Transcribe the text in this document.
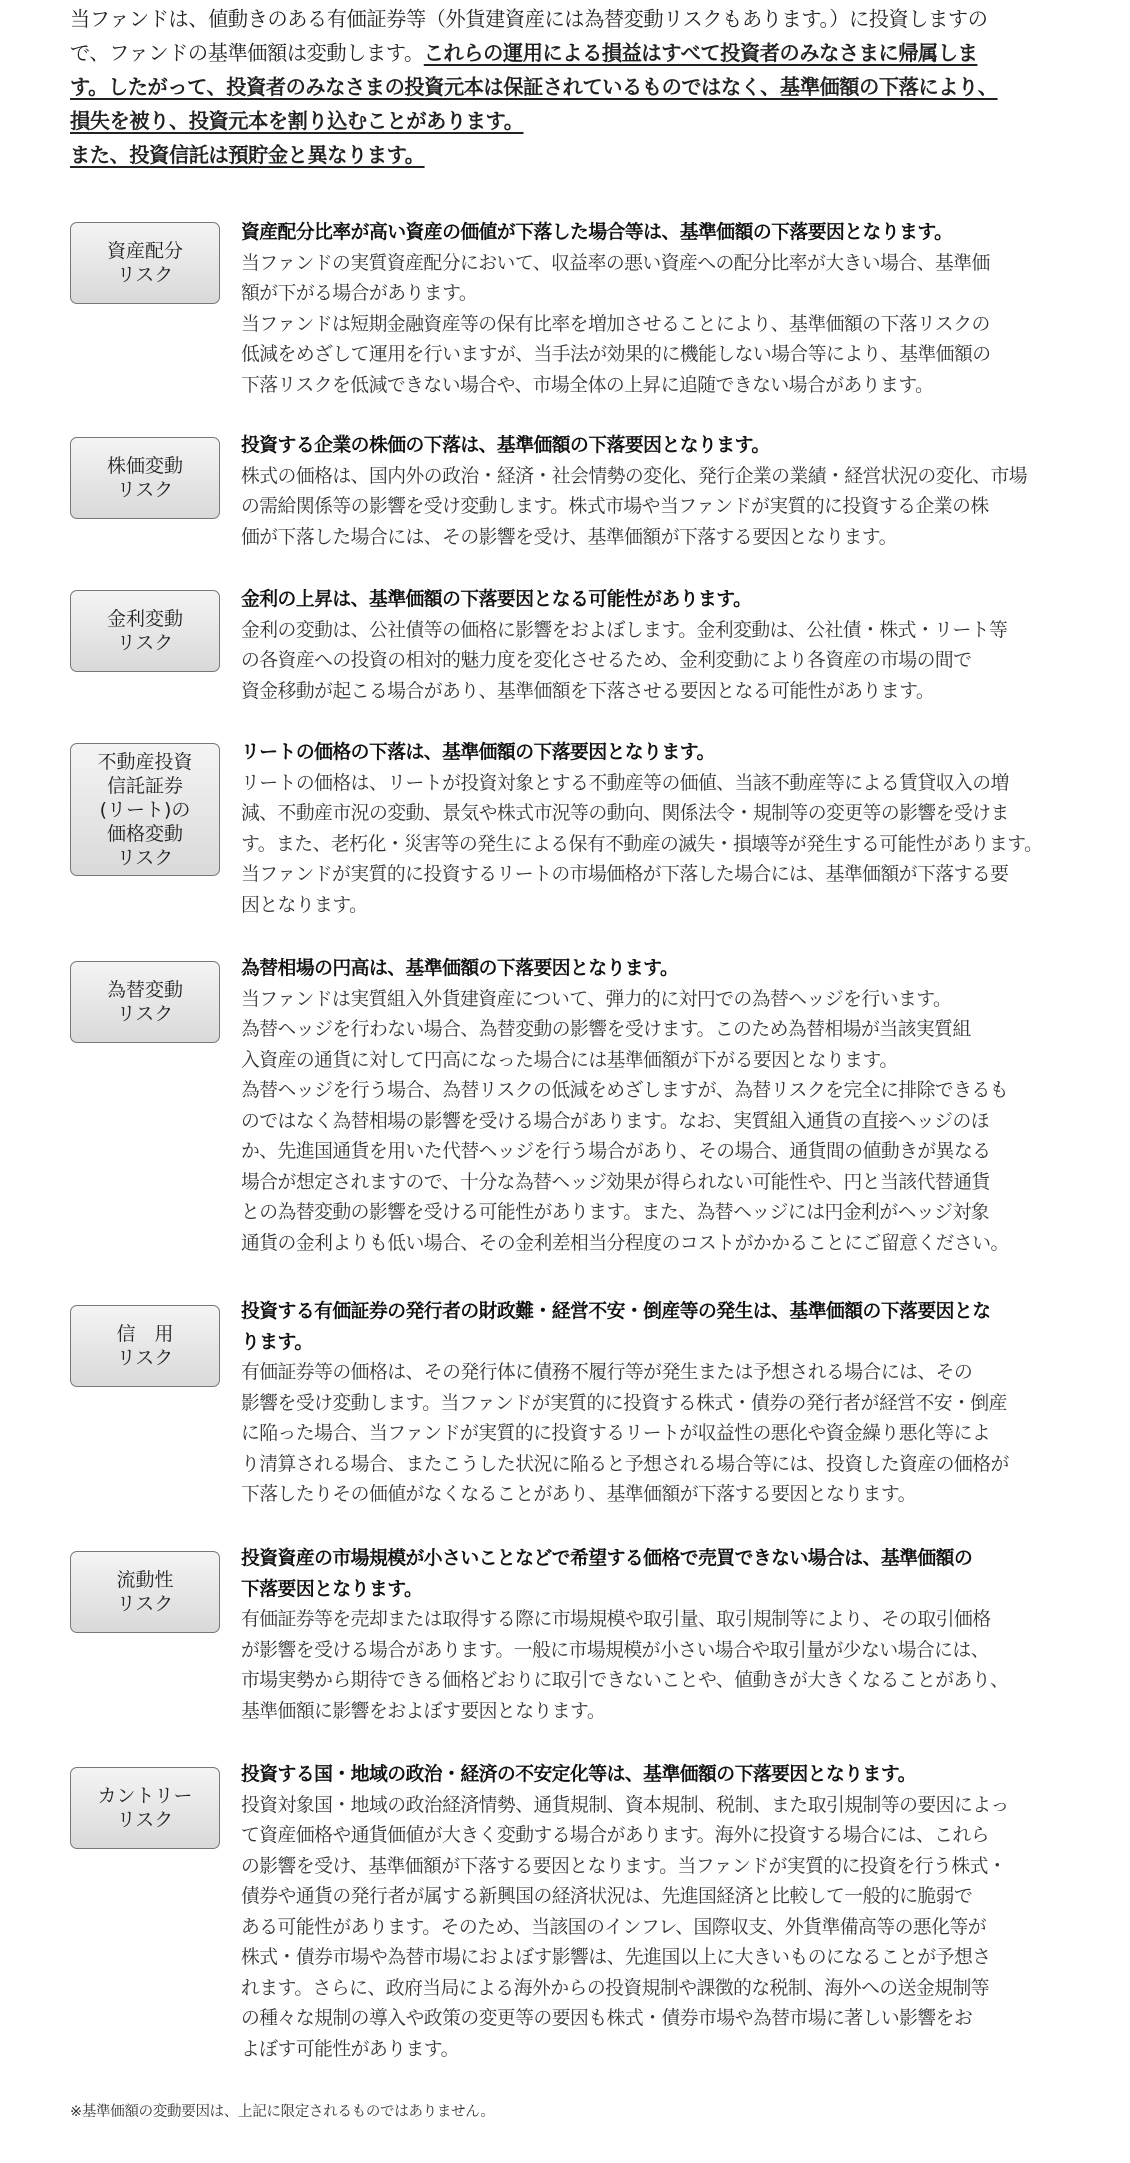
当ファンドは、値動きのある有価証券等（外貨建資産には為替変動リスクもあります。）に投資しますの
で、ファンドの基準価額は変動します。これらの運用による損益はすべて投資者のみなさまに帰属しま
す。したがって、投資者のみなさまの投資元本は保証されているものではなく、基準価額の下落により、
損失を被り、投資元本を割り込むことがあります。
また、投資信託は預貯金と異なります。
資産配分
リスク
資産配分比率が高い資産の価値が下落した場合等は、基準価額の下落要因となります。
当ファンドの実質資産配分において、収益率の悪い資産への配分比率が大きい場合、基準価
額が下がる場合があります。
当ファンドは短期金融資産等の保有比率を増加させることにより、基準価額の下落リスクの
低減をめざして運用を行いますが、当手法が効果的に機能しない場合等により、基準価額の
下落リスクを低減できない場合や、市場全体の上昇に追随できない場合があります。
株価変動
リスク
投資する企業の株価の下落は、基準価額の下落要因となります。
株式の価格は、国内外の政治・経済・社会情勢の変化、発行企業の業績・経営状況の変化、市場
の需給関係等の影響を受け変動します。株式市場や当ファンドが実質的に投資する企業の株
価が下落した場合には、その影響を受け、基準価額が下落する要因となります。
金利変動
リスク
金利の上昇は、基準価額の下落要因となる可能性があります。
金利の変動は、公社債等の価格に影響をおよぼします。金利変動は、公社債・株式・リート等
の各資産への投資の相対的魅力度を変化させるため、金利変動により各資産の市場の間で
資金移動が起こる場合があり、基準価額を下落させる要因となる可能性があります。
不動産投資
信託証券
(リート)の
価格変動
リスク
リートの価格の下落は、基準価額の下落要因となります。
リートの価格は、リートが投資対象とする不動産等の価値、当該不動産等による賃貸収入の増
減、不動産市況の変動、景気や株式市況等の動向、関係法令・規制等の変更等の影響を受けま
す。また、老朽化・災害等の発生による保有不動産の滅失・損壊等が発生する可能性があります。
当ファンドが実質的に投資するリートの市場価格が下落した場合には、基準価額が下落する要
因となります。
為替変動
リスク
為替相場の円高は、基準価額の下落要因となります。
当ファンドは実質組入外貨建資産について、弾力的に対円での為替ヘッジを行います。
為替ヘッジを行わない場合、為替変動の影響を受けます。このため為替相場が当該実質組
入資産の通貨に対して円高になった場合には基準価額が下がる要因となります。
為替ヘッジを行う場合、為替リスクの低減をめざしますが、為替リスクを完全に排除できるも
のではなく為替相場の影響を受ける場合があります。なお、実質組入通貨の直接ヘッジのほ
か、先進国通貨を用いた代替ヘッジを行う場合があり、その場合、通貨間の値動きが異なる
場合が想定されますので、十分な為替ヘッジ効果が得られない可能性や、円と当該代替通貨
との為替変動の影響を受ける可能性があります。また、為替ヘッジには円金利がヘッジ対象
通貨の金利よりも低い場合、その金利差相当分程度のコストがかかることにご留意ください。
信　用
リスク
投資する有価証券の発行者の財政難・経営不安・倒産等の発生は、基準価額の下落要因とな
ります。
有価証券等の価格は、その発行体に債務不履行等が発生または予想される場合には、その
影響を受け変動します。当ファンドが実質的に投資する株式・債券の発行者が経営不安・倒産
に陥った場合、当ファンドが実質的に投資するリートが収益性の悪化や資金繰り悪化等によ
り清算される場合、またこうした状況に陥ると予想される場合等には、投資した資産の価格が
下落したりその価値がなくなることがあり、基準価額が下落する要因となります。
流動性
リスク
投資資産の市場規模が小さいことなどで希望する価格で売買できない場合は、基準価額の
下落要因となります。
有価証券等を売却または取得する際に市場規模や取引量、取引規制等により、その取引価格
が影響を受ける場合があります。一般に市場規模が小さい場合や取引量が少ない場合には、
市場実勢から期待できる価格どおりに取引できないことや、値動きが大きくなることがあり、
基準価額に影響をおよぼす要因となります。
カントリー
リスク
投資する国・地域の政治・経済の不安定化等は、基準価額の下落要因となります。
投資対象国・地域の政治経済情勢、通貨規制、資本規制、税制、また取引規制等の要因によっ
て資産価格や通貨価値が大きく変動する場合があります。海外に投資する場合には、これら
の影響を受け、基準価額が下落する要因となります。当ファンドが実質的に投資を行う株式・
債券や通貨の発行者が属する新興国の経済状況は、先進国経済と比較して一般的に脆弱で
ある可能性があります。そのため、当該国のインフレ、国際収支、外貨準備高等の悪化等が
株式・債券市場や為替市場におよぼす影響は、先進国以上に大きいものになることが予想さ
れます。さらに、政府当局による海外からの投資規制や課徴的な税制、海外への送金規制等
の種々な規制の導入や政策の変更等の要因も株式・債券市場や為替市場に著しい影響をお
よぼす可能性があります。
※基準価額の変動要因は、上記に限定されるものではありません。
